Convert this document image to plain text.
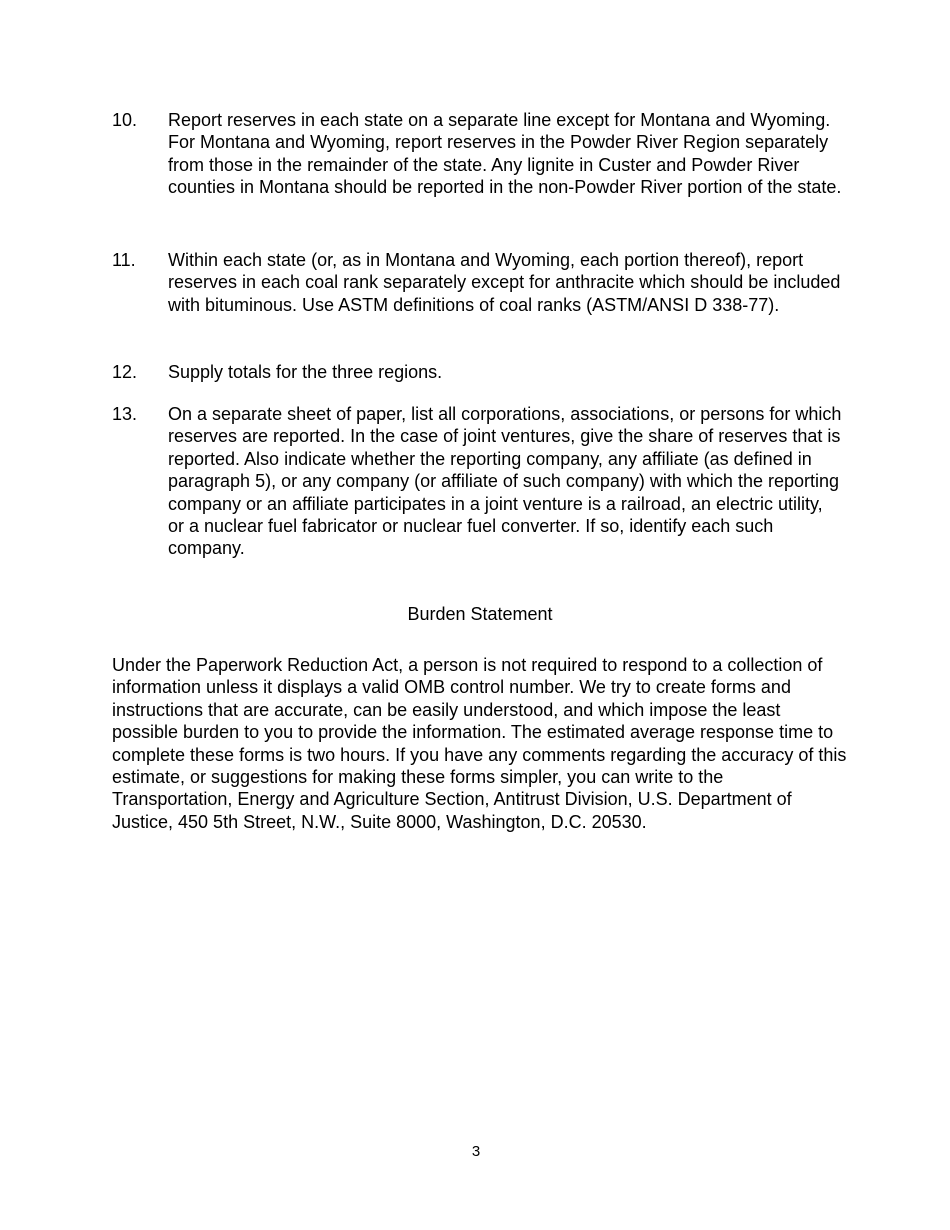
10.	Report reserves in each state on a separate line except for Montana and Wyoming. For Montana and Wyoming, report reserves in the Powder River Region separately from those in the remainder of the state. Any lignite in Custer and Powder River counties in Montana should be reported in the non-Powder River portion of the state.
11.	Within each state (or, as in Montana and Wyoming, each portion thereof), report reserves in each coal rank separately except for anthracite which should be included with bituminous. Use ASTM definitions of coal ranks (ASTM/ANSI D 338-77).
12.	Supply totals for the three regions.
13.	On a separate sheet of paper, list all corporations, associations, or persons for which reserves are reported. In the case of joint ventures, give the share of reserves that is reported. Also indicate whether the reporting company, any affiliate (as defined in paragraph 5), or any company (or affiliate of such company) with which the reporting company or an affiliate participates in a joint venture is a railroad, an electric utility, or a nuclear fuel fabricator or nuclear fuel converter. If so, identify each such company.
Burden Statement
Under the Paperwork Reduction Act, a person is not required to respond to a collection of information unless it displays a valid OMB control number. We try to create forms and instructions that are accurate, can be easily understood, and which impose the least possible burden to you to provide the information. The estimated average response time to complete these forms is two hours. If you have any comments regarding the accuracy of this estimate, or suggestions for making these forms simpler, you can write to the Transportation, Energy and Agriculture Section, Antitrust Division, U.S. Department of Justice, 450 5th Street, N.W., Suite 8000, Washington, D.C. 20530.
3
